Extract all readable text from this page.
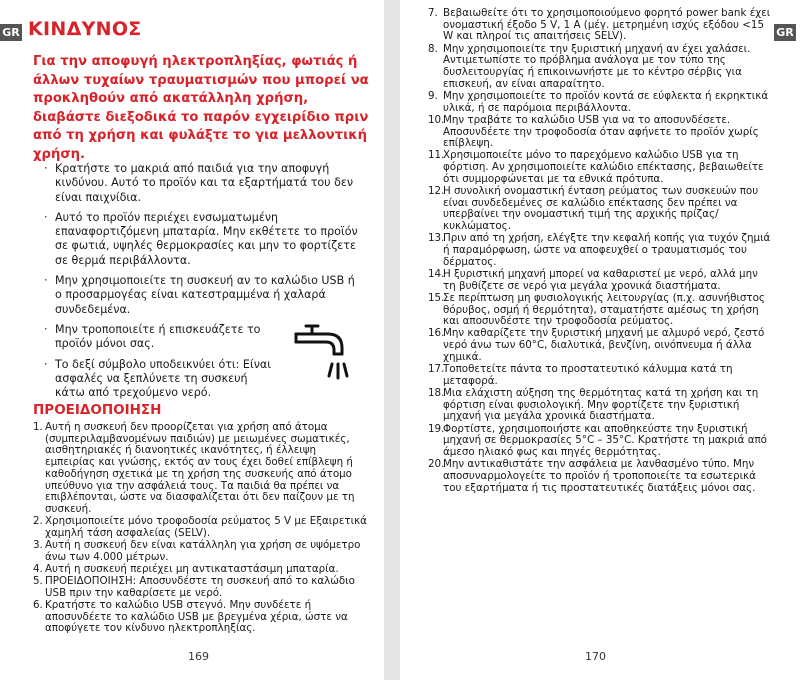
GR ΚΙΝΔΥΝΟΣ
Για την αποφυγή ηλεκτροπληξίας, φωτιάς ή άλλων τυχαίων τραυματισμών που μπορεί να προκληθούν από ακατάλληλη χρήση, διαβάστε διεξοδικά το παρόν εγχειρίδιο πριν από τη χρήση και φυλάξτε το για μελλοντική χρήση.
· Κρατήστε το μακριά από παιδιά για την αποφυγή κινδύνου. Αυτό το προϊόν και τα εξαρτήματά του δεν είναι παιχνίδια.
· Αυτό το προϊόν περιέχει ενσωματωμένη επαναφορτιζόμενη μπαταρία. Μην εκθέτετε το προϊόν σε φωτιά, υψηλές θερμοκρασίες και μην το φορτίζετε σε θερμά περιβάλλοντα.
· Μην χρησιμοποιείτε τη συσκευή αν το καλώδιο USB ή ο προσαρμογέας είναι κατεστραμμένα ή χαλαρά συνδεδεμένα.
· Μην τροποποιείτε ή επισκευάζετε το προϊόν μόνοι σας.
· Το δεξί σύμβολο υποδεικνύει ότι: Είναι ασφαλές να ξεπλύνετε τη συσκευή κάτω από τρεχούμενο νερό.
ΠΡΟΕΙΔΟΠΟΙΗΣΗ
1. Αυτή η συσκευή δεν προορίζεται για χρήση από άτομα (συμπεριλαμβανομένων παιδιών) με μειωμένες σωματικές, αισθητηριακές ή διανοητικές ικανότητες, ή έλλειψη εμπειρίας και γνώσης, εκτός αν τους έχει δοθεί επίβλεψη ή καθοδήγηση σχετικά με τη χρήση της συσκευής από άτομο υπεύθυνο για την ασφάλειά τους. Τα παιδιά θα πρέπει να επιβλέπονται, ώστε να διασφαλίζεται ότι δεν παίζουν με τη συσκευή.
2. Χρησιμοποιείτε μόνο τροφοδοσία ρεύματος 5 V με Εξαιρετικά χαμηλή τάση ασφαλείας (SELV).
3. Αυτή η συσκευή δεν είναι κατάλληλη για χρήση σε υψόμετρο άνω των 4.000 μέτρων.
4. Αυτή η συσκευή περιέχει μη αντικαταστάσιμη μπαταρία.
5. ΠΡΟΕΙΔΟΠΟΙΗΣΗ: Αποσυνδέστε τη συσκευή από το καλώδιο USB πριν την καθαρίσετε με νερό.
6. Κρατήστε το καλώδιο USB στεγνό. Μην συνδέετε ή αποσυνδέετε το καλώδιο USB με βρεγμένα χέρια, ώστε να αποφύγετε τον κίνδυνο ηλεκτροπληξίας.
169
GR
7. Βεβαιωθείτε ότι το χρησιμοποιούμενο φορητό power bank έχει ονομαστική έξοδο 5 V, 1 A (μέγ. μετρημένη ισχύς εξόδου <15 W και πληροί τις απαιτήσεις SELV).
8. Μην χρησιμοποιείτε την ξυριστική μηχανή αν έχει χαλάσει. Αντιμετωπίστε το πρόβλημα ανάλογα με τον τύπο της δυσλειτουργίας ή επικοινωνήστε με το κέντρο σέρβις για επισκευή, αν είναι απαραίτητο.
9. Μην χρησιμοποιείτε το προϊόν κοντά σε εύφλεκτα ή εκρηκτικά υλικά, ή σε παρόμοια περιβάλλοντα.
10.
Μην τραβάτε το καλώδιο USB για να το αποσυνδέσετε. Αποσυνδέετε την τροφοδοσία όταν αφήνετε το προϊόν χωρίς επίβλεψη.
11.
Χρησιμοποιείτε μόνο το παρεχόμενο καλώδιο USB για τη φόρτιση. Αν χρησιμοποιείτε καλώδιο επέκτασης, βεβαιωθείτε ότι συμμορφώνεται με τα εθνικά πρότυπα.
12.
Η συνολική ονομαστική ένταση ρεύματος των συσκευών που είναι συνδεδεμένες σε καλώδιο επέκτασης δεν πρέπει να υπερβαίνει την ονομαστική τιμή της αρχικής πρίζας/κυκλώματος.
13.
Πριν από τη χρήση, ελέγξτε την κεφαλή κοπής για τυχόν ζημιά ή παραμόρφωση, ώστε να αποφευχθεί ο τραυματισμός του δέρματος.
14.
Η ξυριστική μηχανή μπορεί να καθαριστεί με νερό, αλλά μην τη βυθίζετε σε νερό για μεγάλα χρονικά διαστήματα.
15.
Σε περίπτωση μη φυσιολογικής λειτουργίας (π.χ. ασυνήθιστος θόρυβος, οσμή ή θερμότητα), σταματήστε αμέσως τη χρήση και αποσυνδέστε την τροφοδοσία ρεύματος.
16.
Μην καθαρίζετε την ξυριστική μηχανή με αλμυρό νερό, ζεστό νερό άνω των 60°C, διαλυτικά, βενζίνη, οινόπνευμα ή άλλα χημικά.
17.
Τοποθετείτε πάντα το προστατευτικό κάλυμμα κατά τη μεταφορά.
18.
Μια ελάχιστη αύξηση της θερμότητας κατά τη χρήση και τη φόρτιση είναι φυσιολογική. Μην φορτίζετε την ξυριστική μηχανή για μεγάλα χρονικά διαστήματα.
19.
Φορτίστε, χρησιμοποιήστε και αποθηκεύστε την ξυριστική μηχανή σε θερμοκρασίες 5°C – 35°C. Κρατήστε τη μακριά από άμεσο ηλιακό φως και πηγές θερμότητας.
20.
Μην αντικαθιστάτε την ασφάλεια με λανθασμένο τύπο. Μην αποσυναρμολογείτε το προϊόν ή τροποποιείτε τα εσωτερικά του εξαρτήματα ή τις προστατευτικές διατάξεις μόνοι σας.
170
